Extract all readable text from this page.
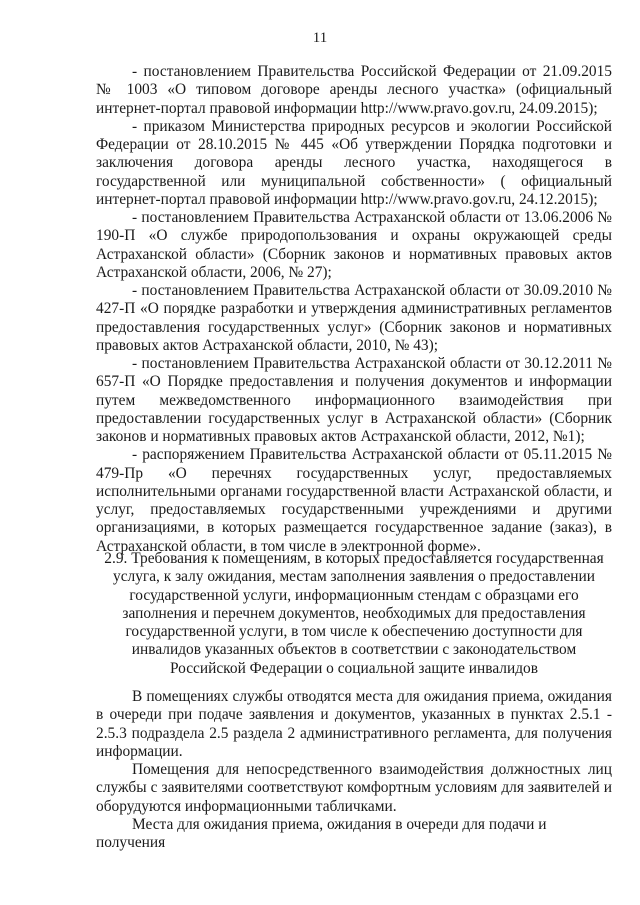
11

- постановлением Правительства Российской Федерации от 21.09.2015 № 1003 «О типовом договоре аренды лесного участка» (официальный интернет-портал правовой информации http://www.pravo.gov.ru, 24.09.2015);

- приказом Министерства природных ресурсов и экологии Российской Федерации от 28.10.2015 № 445 «Об утверждении Порядка подготовки и заключения договора аренды лесного участка, находящегося в государственной или муниципальной собственности» ( официальный интернет-портал правовой информации http://www.pravo.gov.ru, 24.12.2015);

- постановлением Правительства Астраханской области от 13.06.2006 № 190-П «О службе природопользования и охраны окружающей среды Астраханской области» (Сборник законов и нормативных правовых актов Астраханской области, 2006, № 27);

- постановлением Правительства Астраханской области от 30.09.2010 № 427-П «О порядке разработки и утверждения административных регламентов предоставления государственных услуг» (Сборник законов и нормативных правовых актов Астраханской области, 2010, № 43);

- постановлением Правительства Астраханской области от 30.12.2011 № 657-П «О Порядке предоставления и получения документов и информации путем межведомственного информационного взаимодействия при предоставлении государственных услуг в Астраханской области» (Сборник законов и нормативных правовых актов Астраханской области, 2012, №1);

- распоряжением Правительства Астраханской области от 05.11.2015 № 479-Пр «О перечнях государственных услуг, предоставляемых исполнительными органами государственной власти Астраханской области, и услуг, предоставляемых государственными учреждениями и другими организациями, в которых размещается государственное задание (заказ), в Астраханской области, в том числе в электронной форме».

2.9. Требования к помещениям, в которых предоставляется государственная услуга, к залу ожидания, местам заполнения заявления о предоставлении государственной услуги, информационным стендам с образцами его заполнения и перечнем документов, необходимых для предоставления государственной услуги, в том числе к обеспечению доступности для инвалидов указанных объектов в соответствии с законодательством Российской Федерации о социальной защите инвалидов

В помещениях службы отводятся места для ожидания приема, ожидания в очереди при подаче заявления и документов, указанных в пунктах 2.5.1 - 2.5.3 подраздела 2.5 раздела 2 административного регламента, для получения информации.

Помещения для непосредственного взаимодействия должностных лиц службы с заявителями соответствуют комфортным условиям для заявителей и оборудуются информационными табличками.

Места для ожидания приема, ожидания в очереди для подачи и получения
